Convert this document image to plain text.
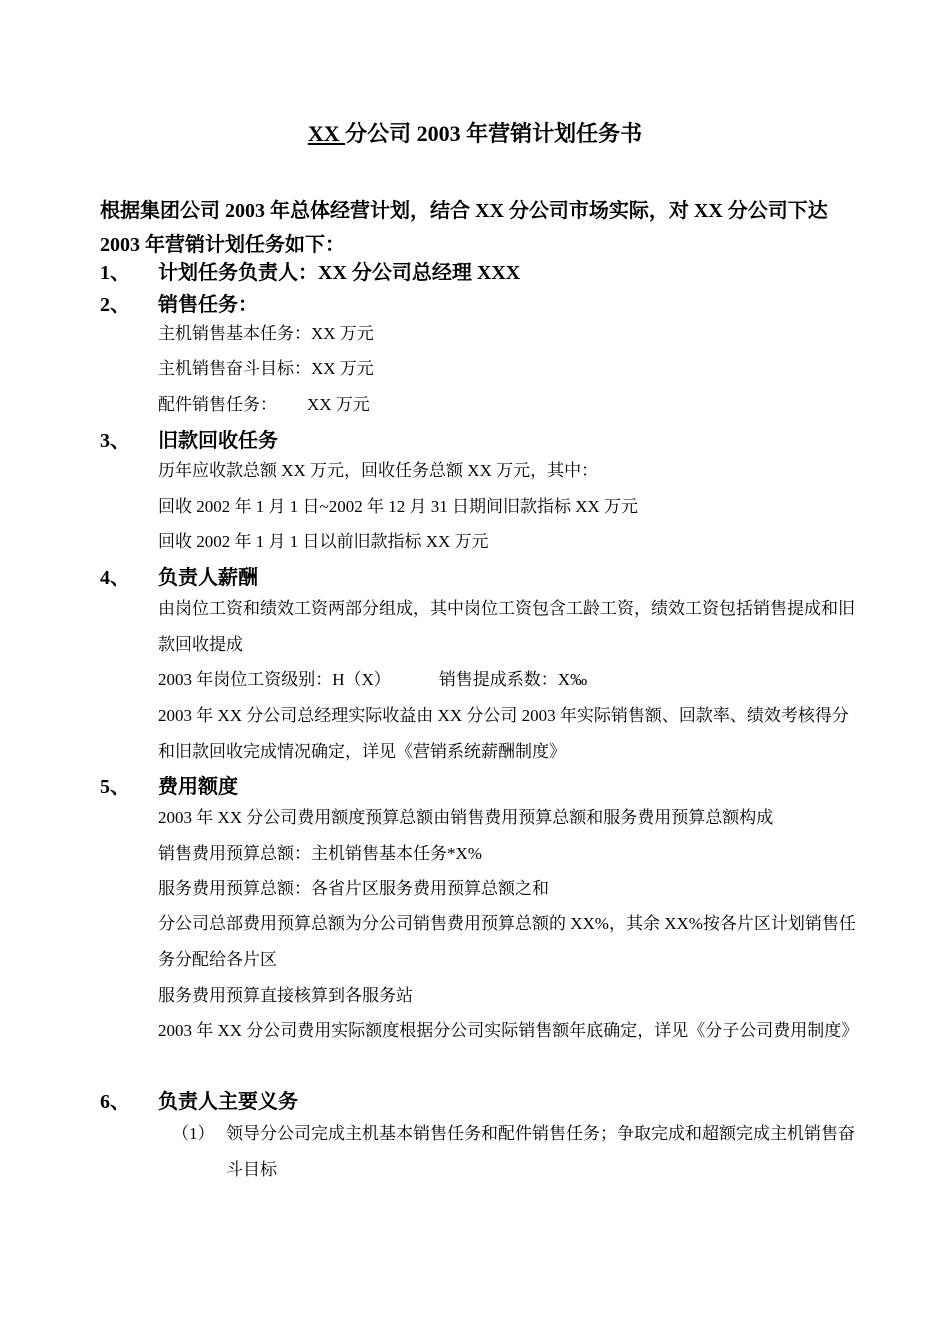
XX 分公司 2003 年营销计划任务书
根据集团公司 2003 年总体经营计划，结合 XX 分公司市场实际，对 XX 分公司下达 2003 年营销计划任务如下：
1、 计划任务负责人：XX 分公司总经理 XXX
2、 销售任务：
主机销售基本任务：XX 万元
主机销售奋斗目标：XX 万元
配件销售任务： XX 万元
3、 旧款回收任务
历年应收款总额 XX 万元，回收任务总额 XX 万元，其中：
回收 2002 年 1 月 1 日~2002 年 12 月 31 日期间旧款指标 XX 万元
回收 2002 年 1 月 1 日以前旧款指标 XX 万元
4、 负责人薪酬
由岗位工资和绩效工资两部分组成，其中岗位工资包含工龄工资，绩效工资包括销售提成和旧款回收提成
2003 年岗位工资级别：H（X）	销售提成系数：X‰
2003 年 XX 分公司总经理实际收益由 XX 分公司 2003 年实际销售额、回款率、绩效考核得分和旧款回收完成情况确定，详见《营销系统薪酬制度》
5、 费用额度
2003 年 XX 分公司费用额度预算总额由销售费用预算总额和服务费用预算总额构成
销售费用预算总额：主机销售基本任务*X%
服务费用预算总额：各省片区服务费用预算总额之和
分公司总部费用预算总额为分公司销售费用预算总额的 XX%，其余 XX%按各片区计划销售任务分配给各片区
服务费用预算直接核算到各服务站
2003 年 XX 分公司费用实际额度根据分公司实际销售额年底确定，详见《分子公司费用制度》
6、 负责人主要义务
（1） 领导分公司完成主机基本销售任务和配件销售任务；争取完成和超额完成主机销售奋斗目标
